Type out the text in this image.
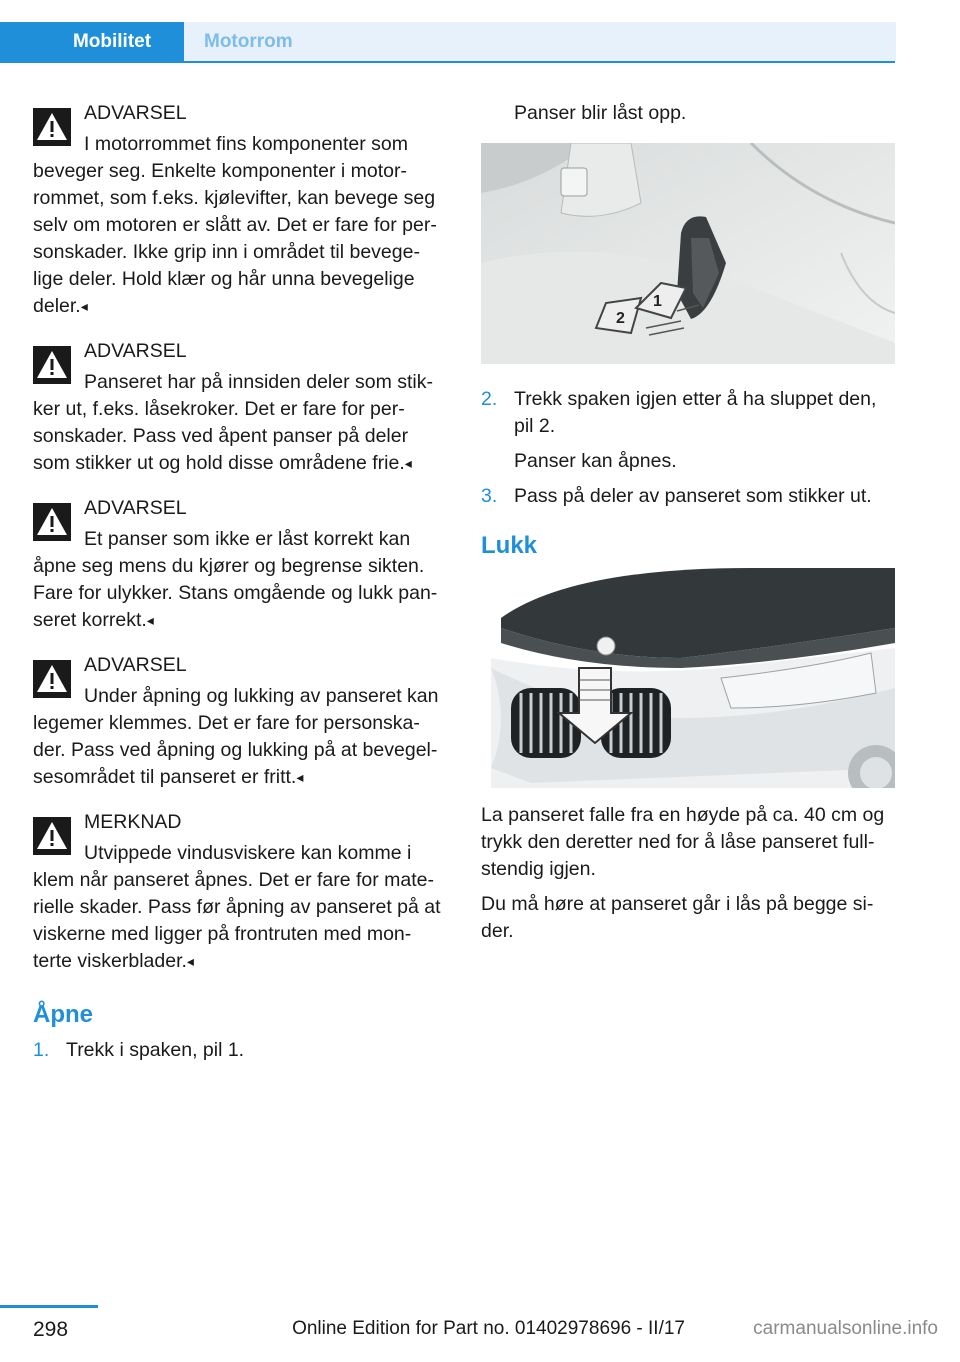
Mobilitet	Motorrom
ADVARSEL

I motorrommet fins komponenter som beveger seg. Enkelte komponenter i motor-rommet, som f.eks. kjølevifter, kan bevege seg selv om motoren er slått av. Det er fare for per-sonskader. Ikke grip inn i området til bevege-lige deler. Hold klær og hår unna bevegelige deler.◂

ADVARSEL

Panseret har på innsiden deler som stik-ker ut, f.eks. låsekroker. Det er fare for per-sonskader. Pass ved åpent panser på deler som stikker ut og hold disse områdene frie.◂

ADVARSEL

Et panser som ikke er låst korrekt kan åpne seg mens du kjører og begrense sikten. Fare for ulykker. Stans omgående og lukk pan-seret korrekt.◂

ADVARSEL

Under åpning og lukking av panseret kan legemer klemmes. Det er fare for personska-der. Pass ved åpning og lukking på at bevegel-sesområdet til panseret er fritt.◂

MERKNAD

Utvippede vindusviskere kan komme i klem når panseret åpnes. Det er fare for mate-rielle skader. Pass før åpning av panseret på at viskerne med ligger på frontruten med mon-terte viskerblader.◂

Åpne
1. Trekk i spaken, pil 1.
Panser blir låst opp.
2
1
2. Trekk spaken igjen etter å ha sluppet den, pil 2.
Panser kan åpnes.
3. Pass på deler av panseret som stikker ut.
Lukk
La panseret falle fra en høyde på ca. 40 cm og trykk den deretter ned for å låse panseret full-stendig igjen.
Du må høre at panseret går i lås på begge si-der.
298	Online Edition for Part no. 01402978696 - II/17	carmanualsonline.info
